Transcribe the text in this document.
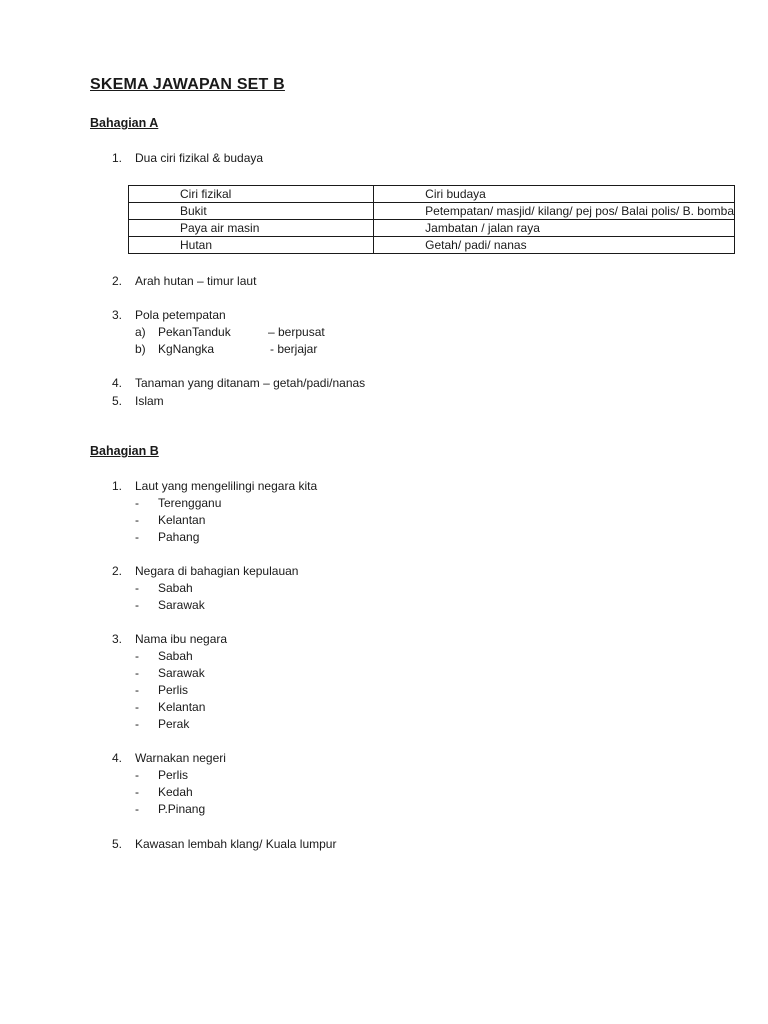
SKEMA JAWAPAN SET B
Bahagian A
1. Dua ciri fizikal & budaya
Ciri fizikal	Ciri budaya
Bukit	Petempatan/ masjid/ kilang/ pej pos/ Balai polis/ B. bomba
Paya air masin	Jambatan / jalan raya
Hutan	Getah/ padi/ nanas
2. Arah hutan – timur laut
3. Pola petempatan
a) PekanTanduk	– berpusat
b) KgNangka	- berjajar
4. Tanaman yang ditanam – getah/padi/nanas
5. Islam
Bahagian B
1. Laut yang mengelilingi negara kita
- Terengganu
- Kelantan
- Pahang
2. Negara di bahagian kepulauan
- Sabah
- Sarawak
3. Nama ibu negara
- Sabah
- Sarawak
- Perlis
- Kelantan
- Perak
4. Warnakan negeri
- Perlis
- Kedah
- P.Pinang
5. Kawasan lembah klang/ Kuala lumpur
